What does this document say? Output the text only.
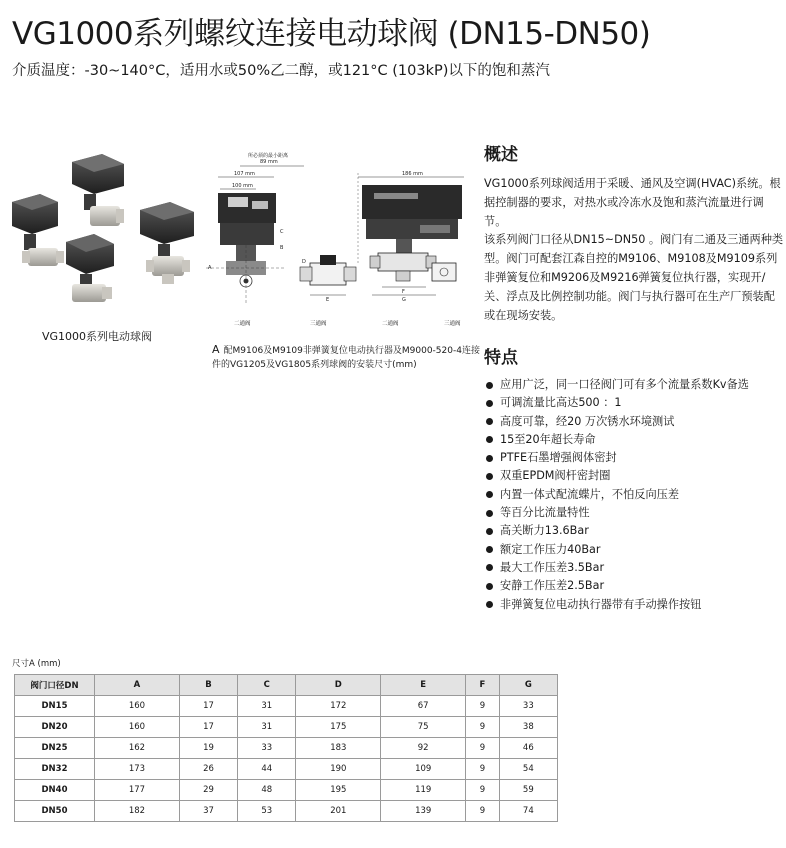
VG1000系列螺纹连接电动球阀 (DN15-DN50)

介质温度：-30~140°C，适用水或50%乙二醇，或121°C (103kP)以下的饱和蒸汽

VG1000系列电动球阀
所必须的最小距离
89 mm
107 mm
100 mm
186 mm
A
B
C
D
E
F
G
二通阀	三通阀	二通阀	三通阀
A 配M9106及M9109非弹簧复位电动执行器及M9000-520-4连接件的VG1205及VG1805系列球阀的安装尺寸(mm)
概述

VG1000系列球阀适用于采暖、通风及空调(HVAC)系统。根据控制器的要求，对热水或冷冻水及饱和蒸汽流量进行调节。

该系列阀门口径从DN15~DN50 。阀门有二通及三通两种类型。阀门可配套江森自控的M9106、M9108及M9109系列非弹簧复位和M9206及M9216弹簧复位执行器，实现开/关、浮点及比例控制功能。阀门与执行器可在生产厂预装配或在现场安装。

特点
应用广泛，同一口径阀门可有多个流量系数Kv备选
可调流量比高达500 ：1
高度可靠，经20 万次锈水环境测试
15至20年超长寿命
PTFE石墨增强阀体密封
双重EPDM阀杆密封圈
内置一体式配流蝶片，不怕反向压差
等百分比流量特性
高关断力13.6Bar
额定工作压力40Bar
最大工作压差3.5Bar
安静工作压差2.5Bar
非弹簧复位电动执行器带有手动操作按钮
尺寸A (mm)
阀门口径DN	A	B	C	D	E	F	G
DN15	160	17	31	172	67	9	33
DN20	160	17	31	175	75	9	38
DN25	162	19	33	183	92	9	46
DN32	173	26	44	190	109	9	54
DN40	177	29	48	195	119	9	59
DN50	182	37	53	201	139	9	74
